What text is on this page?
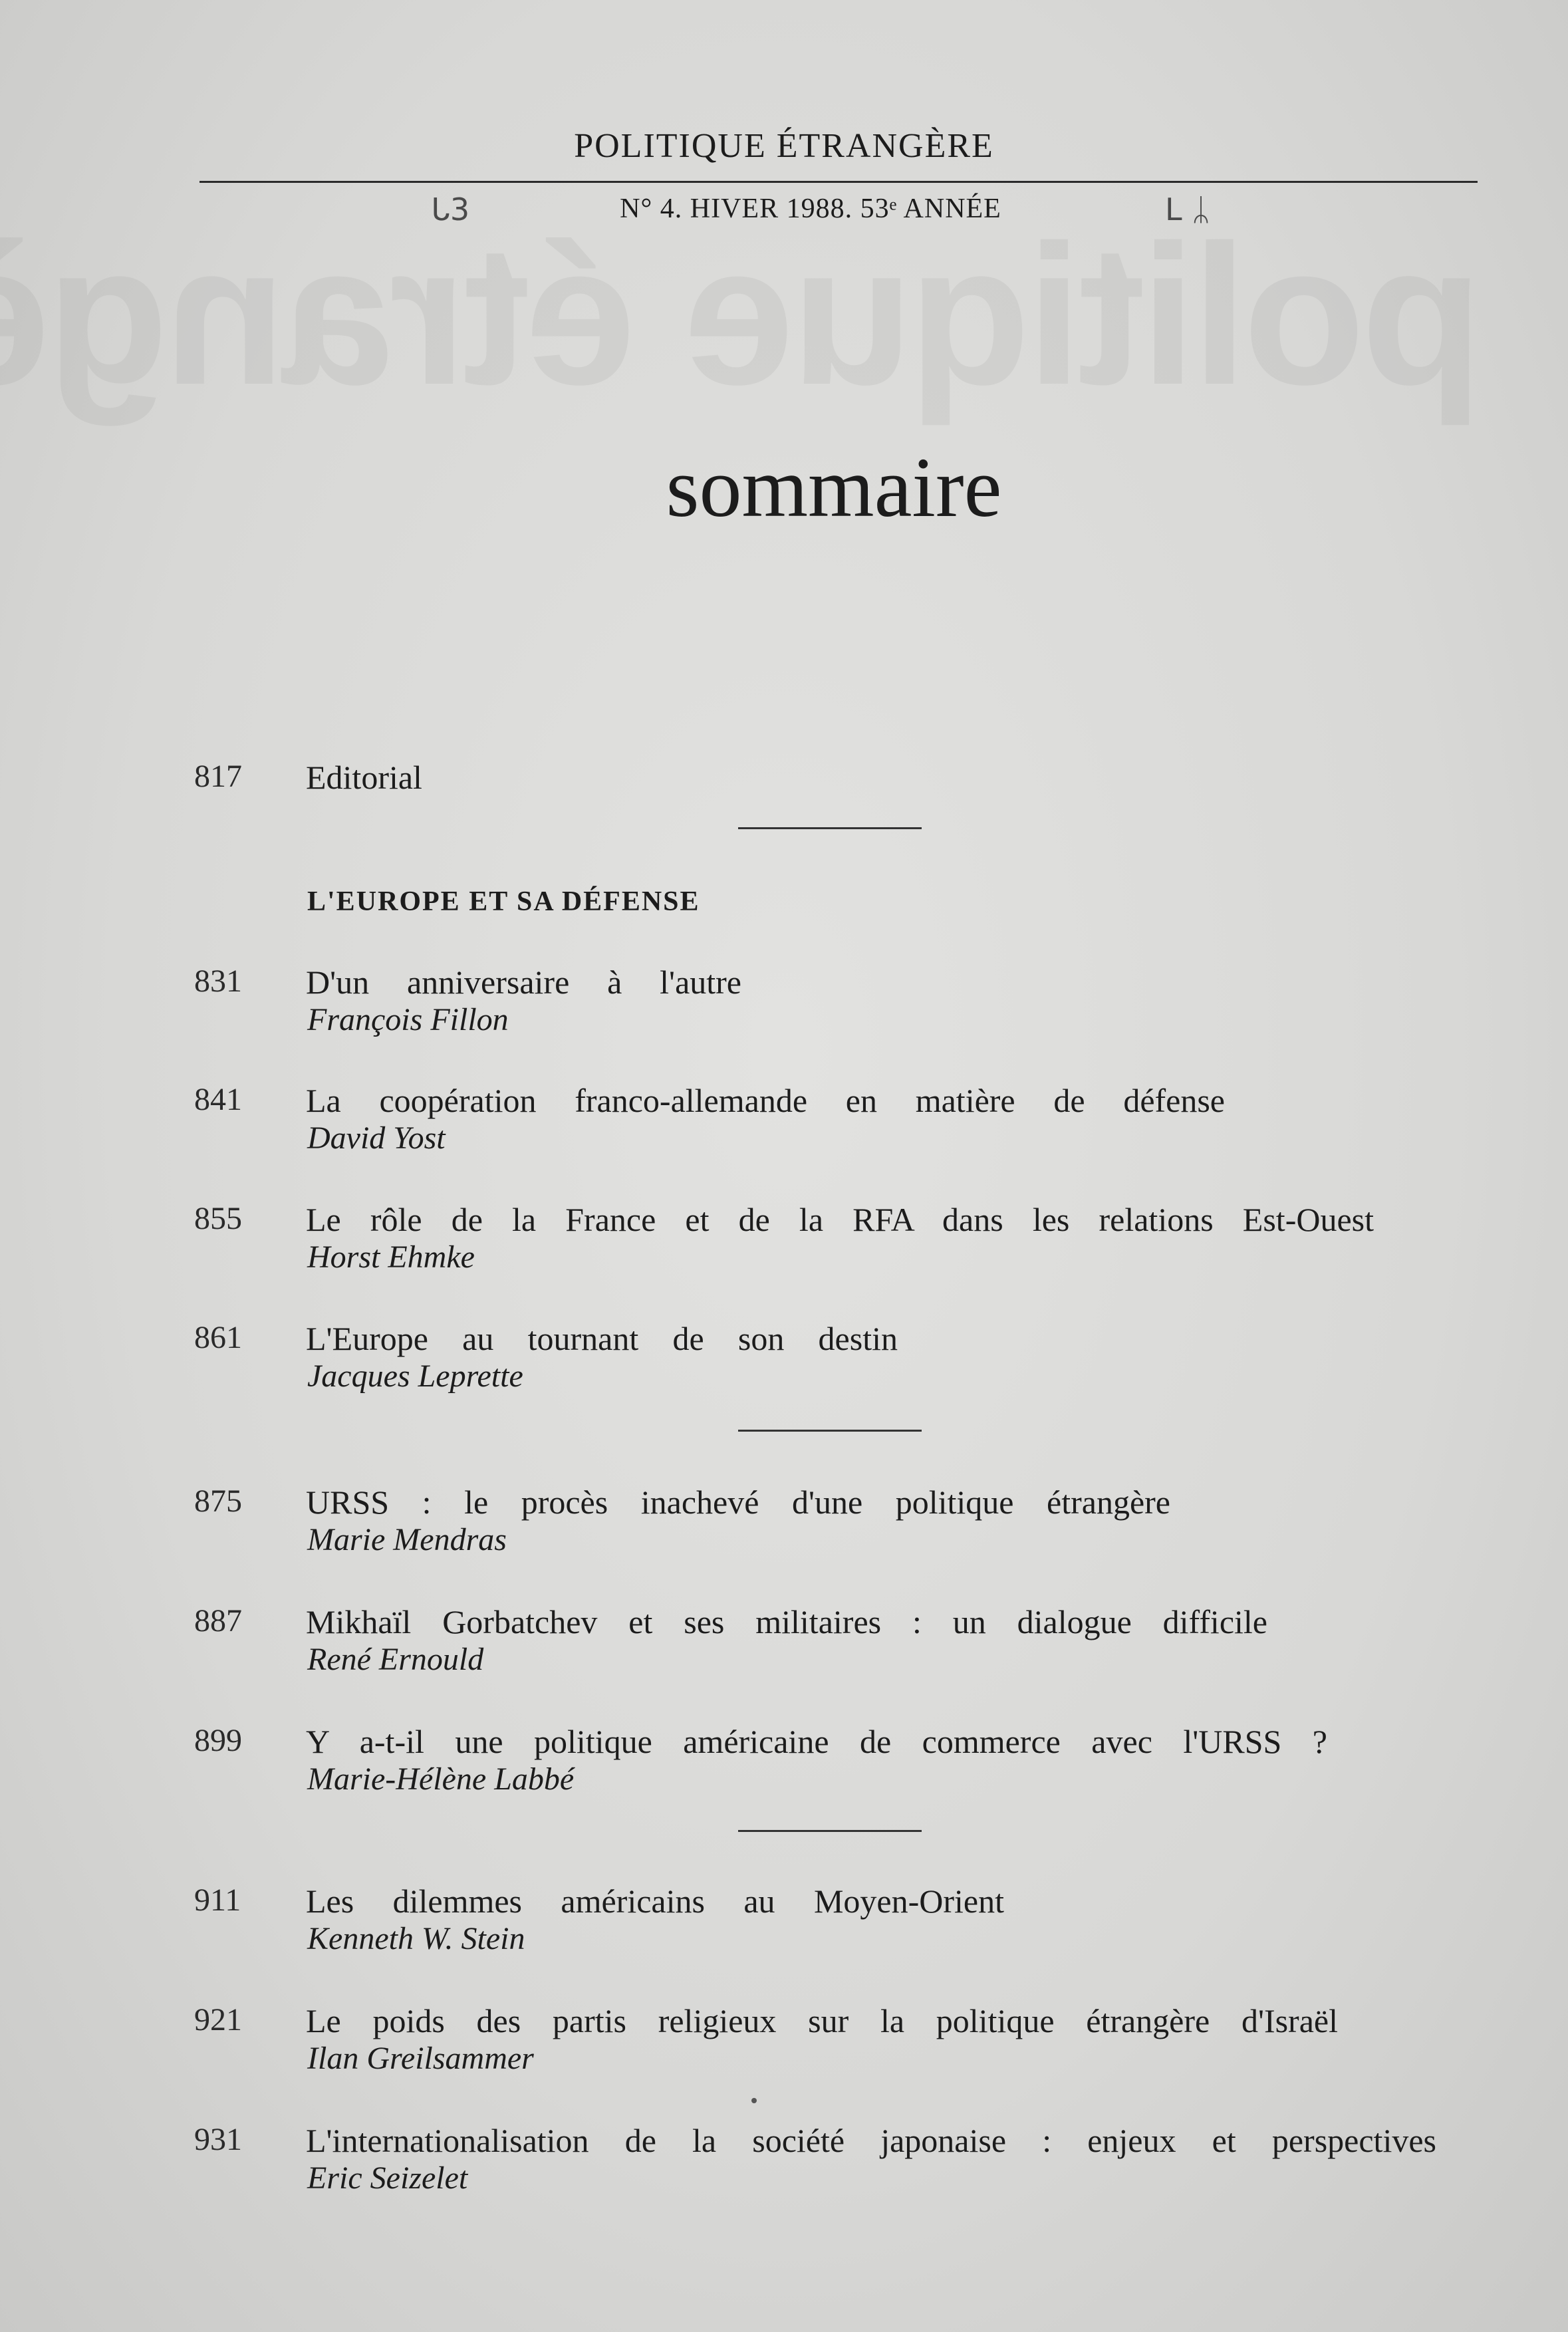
POLITIQUE ÉTRANGÈRE
ᒐ3	N° 4. HIVER 1988. 53ᵉ ANNÉE	L ᛦ
sommaire
817 Editorial
L'EUROPE ET SA DÉFENSE
831 D'un anniversaire à l'autre
François Fillon
841 La coopération franco-allemande en matière de défense
David Yost
855 Le rôle de la France et de la RFA dans les relations Est-Ouest
Horst Ehmke
861 L'Europe au tournant de son destin
Jacques Leprette
875 URSS : le procès inachevé d'une politique étrangère
Marie Mendras
887 Mikhaïl Gorbatchev et ses militaires : un dialogue difficile
René Ernould
899 Y a-t-il une politique américaine de commerce avec l'URSS ?
Marie-Hélène Labbé
911 Les dilemmes américains au Moyen-Orient
Kenneth W. Stein
921 Le poids des partis religieux sur la politique étrangère d'Israël
Ilan Greilsammer
931 L'internationalisation de la société japonaise : enjeux et perspectives
Eric Seizelet
